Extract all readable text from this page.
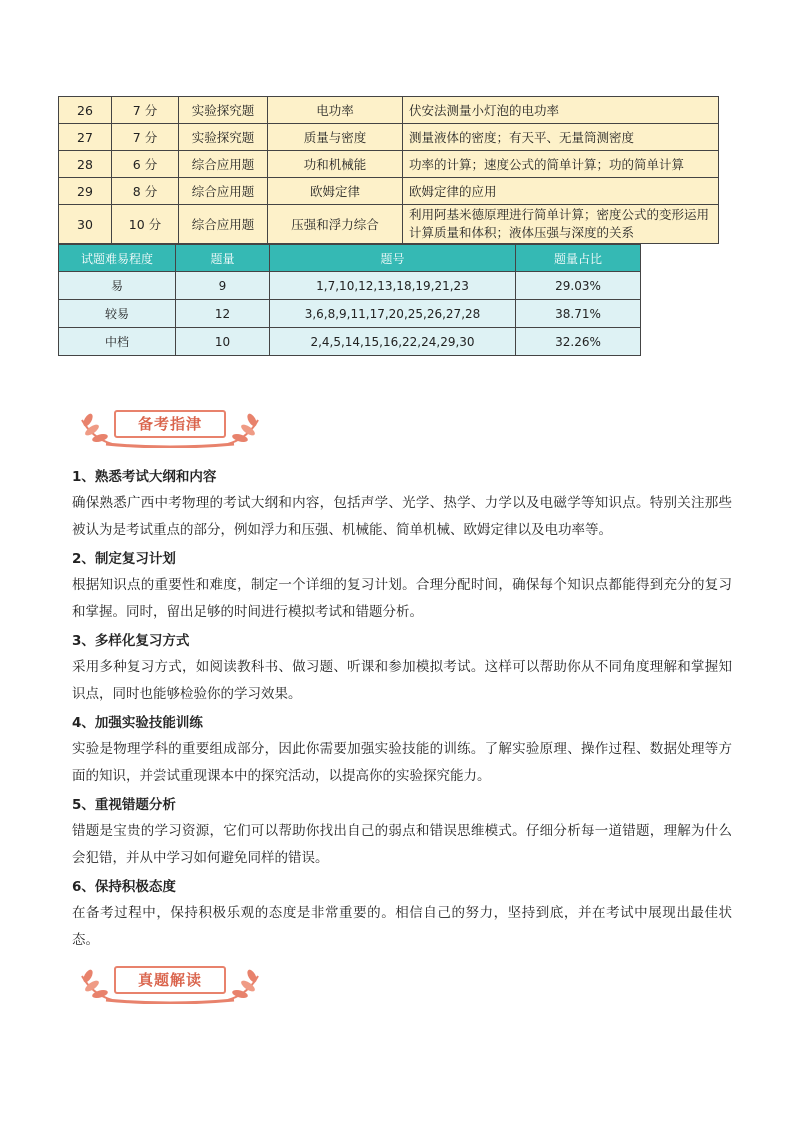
26	7 分	实验探究题	电功率	伏安法测量小灯泡的电功率
27	7 分	实验探究题	质量与密度	测量液体的密度；有天平、无量筒测密度
28	6 分	综合应用题	功和机械能	功率的计算；速度公式的简单计算；功的简单计算
29	8 分	综合应用题	欧姆定律	欧姆定律的应用
30	10 分	综合应用题	压强和浮力综合	利用阿基米德原理进行简单计算；密度公式的变形运用计算质量和体积；液体压强与深度的关系
试题难易程度	题量	题号	题量占比
易	9	1,7,10,12,13,18,19,21,23	29.03%
较易	12	3,6,8,9,11,17,20,25,26,27,28	38.71%
中档	10	2,4,5,14,15,16,22,24,29,30	32.26%
备考指津
1、熟悉考试大纲和内容

确保熟悉广西中考物理的考试大纲和内容，包括声学、光学、热学、力学以及电磁学等知识点。特别关注那些被认为是考试重点的部分，例如浮力和压强、机械能、简单机械、欧姆定律以及电功率等。

2、制定复习计划

根据知识点的重要性和难度，制定一个详细的复习计划。合理分配时间，确保每个知识点都能得到充分的复习和掌握。同时，留出足够的时间进行模拟考试和错题分析。

3、多样化复习方式

采用多种复习方式，如阅读教科书、做习题、听课和参加模拟考试。这样可以帮助你从不同角度理解和掌握知识点，同时也能够检验你的学习效果。

4、加强实验技能训练

实验是物理学科的重要组成部分，因此你需要加强实验技能的训练。了解实验原理、操作过程、数据处理等方面的知识，并尝试重现课本中的探究活动，以提高你的实验探究能力。

5、重视错题分析

错题是宝贵的学习资源，它们可以帮助你找出自己的弱点和错误思维模式。仔细分析每一道错题，理解为什么会犯错，并从中学习如何避免同样的错误。

6、保持积极态度

在备考过程中，保持积极乐观的态度是非常重要的。相信自己的努力，坚持到底，并在考试中展现出最佳状态。

真题解读
